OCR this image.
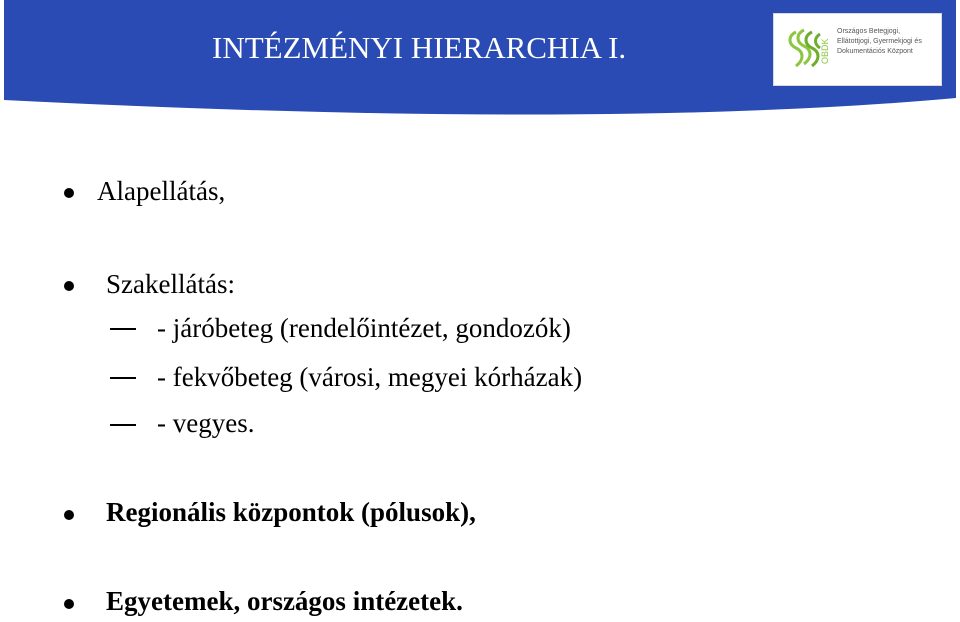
INTÉZMÉNYI HIERARCHIA I.	OBDK
Országos Betegjogi,
Ellátottjogi, Gyermekjogi és
Dokumentációs Központ
Alapellátás,
Szakellátás:
- járóbeteg (rendelőintézet, gondozók)
- fekvőbeteg (városi, megyei kórházak)
- vegyes.
Regionális központok (pólusok),
Egyetemek, országos intézetek.
